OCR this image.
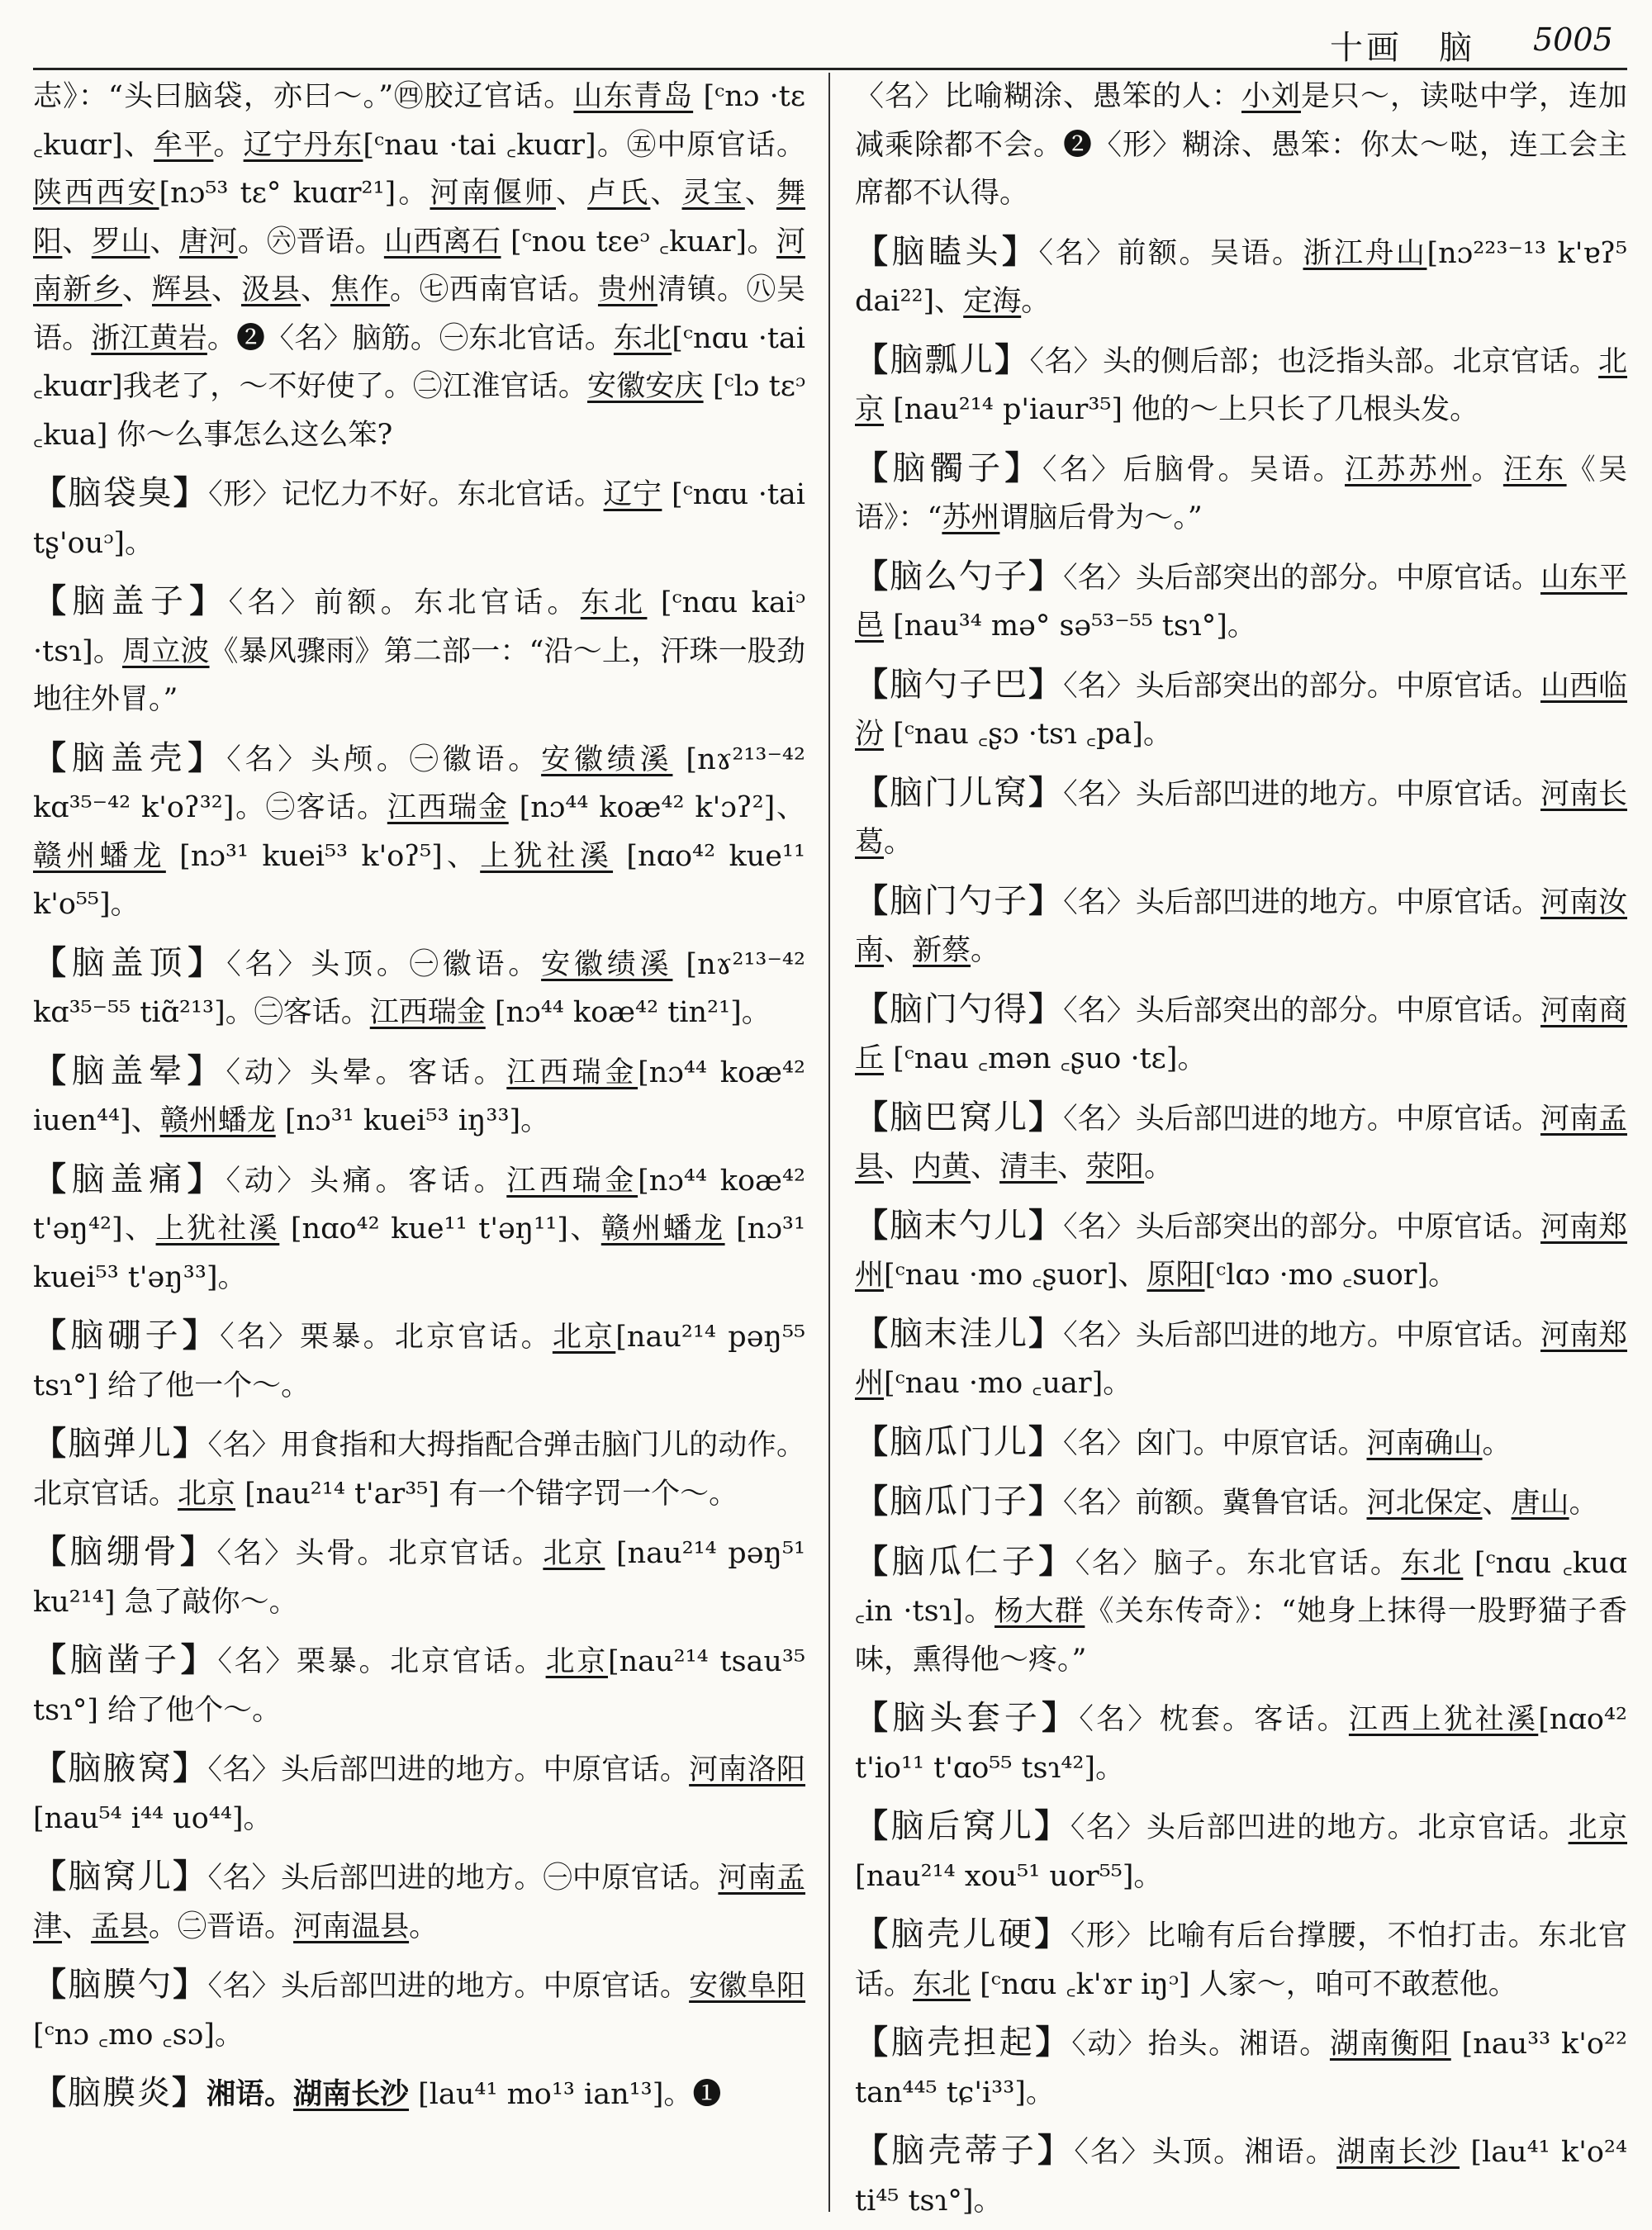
十画　脑 5005

志》：“头曰脑袋，亦曰～。”㊃胶辽官话。山东青岛 [ᶜnɔ ·tɛ ꜀kuɑr]、牟平。辽宁丹东[ᶜnau ·tai ꜀kuɑr]。㊄中原官话。陕西西安[nɔ⁵³ tɛ° kuɑr²¹]。河南偃师、卢氏、灵宝、舞阳、罗山、唐河。㊅晋语。山西离石 [ᶜnou tɛeᵓ ꜀kuᴀr]。河南新乡、辉县、汲县、焦作。㊆西南官话。贵州清镇。㊇吴语。浙江黄岩。❷〈名〉脑筋。㊀东北官话。东北[ᶜnɑu ·tai ꜀kuɑr]我老了，～不好使了。㊁江淮官话。安徽安庆 [ᶜlɔ tɛᵓ ꜀kua] 你～么事怎么这么笨?

【脑袋臭】〈形〉记忆力不好。东北官话。辽宁 [ᶜnɑu ·tai tʂ'ouᵓ]。

【脑盖子】〈名〉前额。东北官话。东北 [ᶜnɑu kaiᵓ ·tsɿ]。周立波《暴风骤雨》第二部一：“沿～上，汗珠一股劲地往外冒。”

【脑盖壳】〈名〉头颅。㊀徽语。安徽绩溪 [nɤ²¹³⁻⁴² kɑ³⁵⁻⁴² k'oʔ³²]。㊁客话。江西瑞金 [nɔ⁴⁴ koæ⁴² k'ɔʔ²]、赣州蟠龙 [nɔ³¹ kuei⁵³ k'oʔ⁵]、上犹社溪 [nɑo⁴² kue¹¹ k'o⁵⁵]。

【脑盖顶】〈名〉头顶。㊀徽语。安徽绩溪 [nɤ²¹³⁻⁴² kɑ³⁵⁻⁵⁵ tiɑ̃²¹³]。㊁客话。江西瑞金 [nɔ⁴⁴ koæ⁴² tin²¹]。

【脑盖晕】〈动〉头晕。客话。江西瑞金[nɔ⁴⁴ koæ⁴² iuen⁴⁴]、赣州蟠龙 [nɔ³¹ kuei⁵³ iŋ³³]。

【脑盖痛】〈动〉头痛。客话。江西瑞金[nɔ⁴⁴ koæ⁴² t'əŋ⁴²]、上犹社溪 [nɑo⁴² kue¹¹ t'əŋ¹¹]、赣州蟠龙 [nɔ³¹ kuei⁵³ t'əŋ³³]。

【脑硼子】〈名〉栗暴。北京官话。北京[nau²¹⁴ pəŋ⁵⁵ tsɿ°] 给了他一个～。

【脑弹儿】〈名〉用食指和大拇指配合弹击脑门儿的动作。北京官话。北京 [nau²¹⁴ t'ar³⁵] 有一个错字罚一个～。

【脑绷骨】〈名〉头骨。北京官话。北京 [nau²¹⁴ pəŋ⁵¹ ku²¹⁴] 急了敲你～。

【脑凿子】〈名〉栗暴。北京官话。北京[nau²¹⁴ tsau³⁵ tsɿ°] 给了他个～。

【脑腋窝】〈名〉头后部凹进的地方。中原官话。河南洛阳 [nau⁵⁴ i⁴⁴ uo⁴⁴]。

【脑窝儿】〈名〉头后部凹进的地方。㊀中原官话。河南孟津、孟县。㊁晋语。河南温县。

【脑膜勺】〈名〉头后部凹进的地方。中原官话。安徽阜阳 [ᶜnɔ ꜀mo ꜀sɔ]。

【脑膜炎】湘语。湖南长沙 [lau⁴¹ mo¹³ ian¹³]。❶

〈名〉比喻糊涂、愚笨的人：小刘是只～，读哒中学，连加减乘除都不会。❷〈形〉糊涂、愚笨：你太～哒，连工会主席都不认得。

【脑瞌头】〈名〉前额。吴语。浙江舟山[nɔ²²³⁻¹³ k'ɐʔ⁵ dai²²]、定海。

【脑瓢儿】〈名〉头的侧后部；也泛指头部。北京官话。北京 [nau²¹⁴ p'iaur³⁵] 他的～上只长了几根头发。

【脑髑子】〈名〉后脑骨。吴语。江苏苏州。汪东《吴语》：“苏州谓脑后骨为～。”

【脑么勺子】〈名〉头后部突出的部分。中原官话。山东平邑 [nau³⁴ mə° sə⁵³⁻⁵⁵ tsɿ°]。

【脑勺子巴】〈名〉头后部突出的部分。中原官话。山西临汾 [ᶜnau ꜀ʂɔ ·tsɿ ꜀pa]。

【脑门儿窝】〈名〉头后部凹进的地方。中原官话。河南长葛。

【脑门勺子】〈名〉头后部凹进的地方。中原官话。河南汝南、新蔡。

【脑门勺得】〈名〉头后部突出的部分。中原官话。河南商丘 [ᶜnau ꜀mən ꜀ʂuo ·tɛ]。

【脑巴窝儿】〈名〉头后部凹进的地方。中原官话。河南孟县、内黄、清丰、荥阳。

【脑末勺儿】〈名〉头后部突出的部分。中原官话。河南郑州[ᶜnau ·mo ꜀ʂuor]、原阳[ᶜlɑɔ ·mo ꜀suor]。

【脑末洼儿】〈名〉头后部凹进的地方。中原官话。河南郑州[ᶜnau ·mo ꜀uar]。

【脑瓜门儿】〈名〉囟门。中原官话。河南确山。

【脑瓜门子】〈名〉前额。冀鲁官话。河北保定、唐山。

【脑瓜仁子】〈名〉脑子。东北官话。东北 [ᶜnɑu ꜀kuɑ ꜀in ·tsɿ]。杨大群《关东传奇》：“她身上抹得一股野猫子香味，熏得他～疼。”

【脑头套子】〈名〉枕套。客话。江西上犹社溪[nɑo⁴² t'io¹¹ t'ɑo⁵⁵ tsɿ⁴²]。

【脑后窝儿】〈名〉头后部凹进的地方。北京官话。北京 [nau²¹⁴ xou⁵¹ uor⁵⁵]。

【脑壳儿硬】〈形〉比喻有后台撑腰，不怕打击。东北官话。东北 [ᶜnɑu ꜀k'ɤr iŋᵓ] 人家～，咱可不敢惹他。

【脑壳担起】〈动〉抬头。湘语。湖南衡阳 [nau³³ k'o²² tan⁴⁴⁵ tɕ'i³³]。

【脑壳蒂子】〈名〉头顶。湘语。湖南长沙 [lau⁴¹ k'o²⁴ ti⁴⁵ tsɿ°]。
